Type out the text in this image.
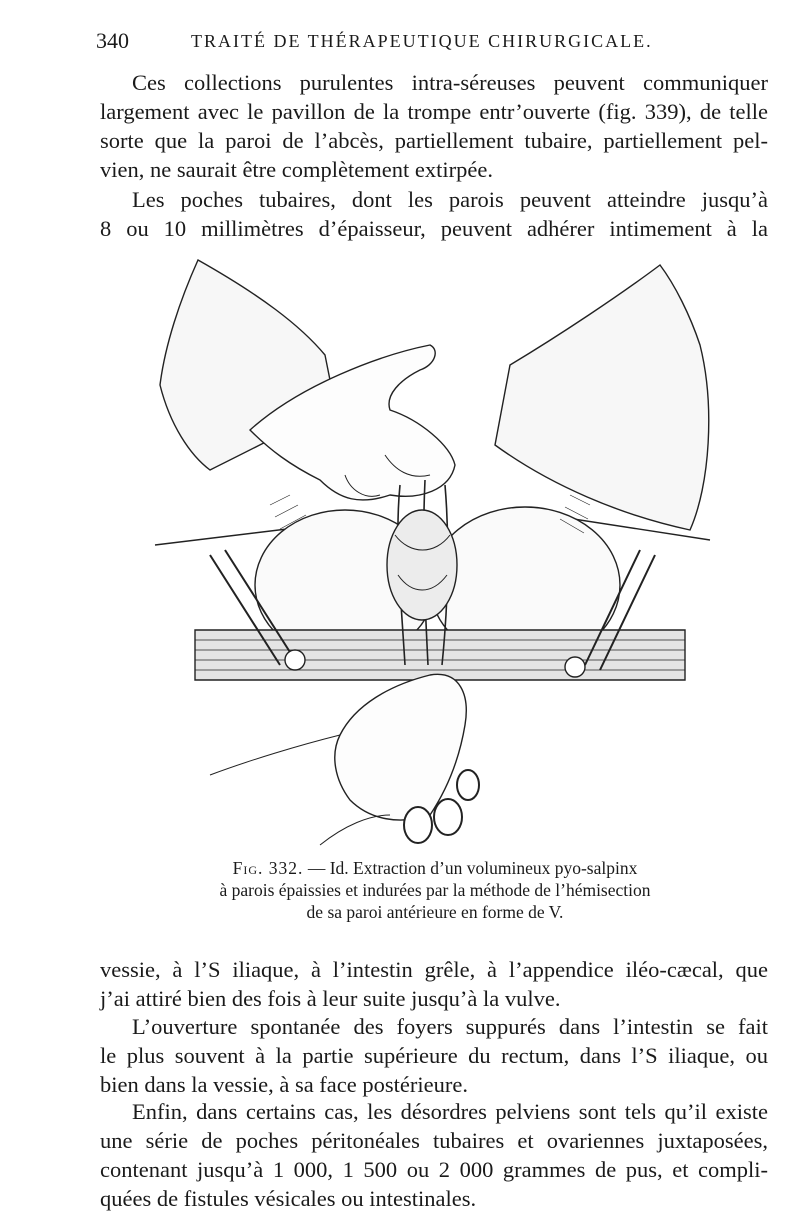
340	TRAITÉ DE THÉRAPEUTIQUE CHIRURGICALE.
Ces collections purulentes intra-séreuses peuvent communiquer
largement avec le pavillon de la trompe entr’ouverte (fig. 339), de telle
sorte que la paroi de l’abcès, partiellement tubaire, partiellement pel-
vien, ne saurait être complètement extirpée.
Les poches tubaires, dont les parois peuvent atteindre jusqu’à
8 ou 10 millimètres d’épaisseur, peuvent adhérer intimement à la
Fig. 332. — Id. Extraction d’un volumineux pyo-salpinx
à parois épaissies et indurées par la méthode de l’hémisection
de sa paroi antérieure en forme de V.
vessie, à l’S iliaque, à l’intestin grêle, à l’appendice iléo-cæcal, que
j’ai attiré bien des fois à leur suite jusqu’à la vulve.
L’ouverture spontanée des foyers suppurés dans l’intestin se fait
le plus souvent à la partie supérieure du rectum, dans l’S iliaque, ou
bien dans la vessie, à sa face postérieure.
Enfin, dans certains cas, les désordres pelviens sont tels qu’il existe
une série de poches péritonéales tubaires et ovariennes juxtaposées,
contenant jusqu’à 1 000, 1 500 ou 2 000 grammes de pus, et compli-
quées de fistules vésicales ou intestinales.
